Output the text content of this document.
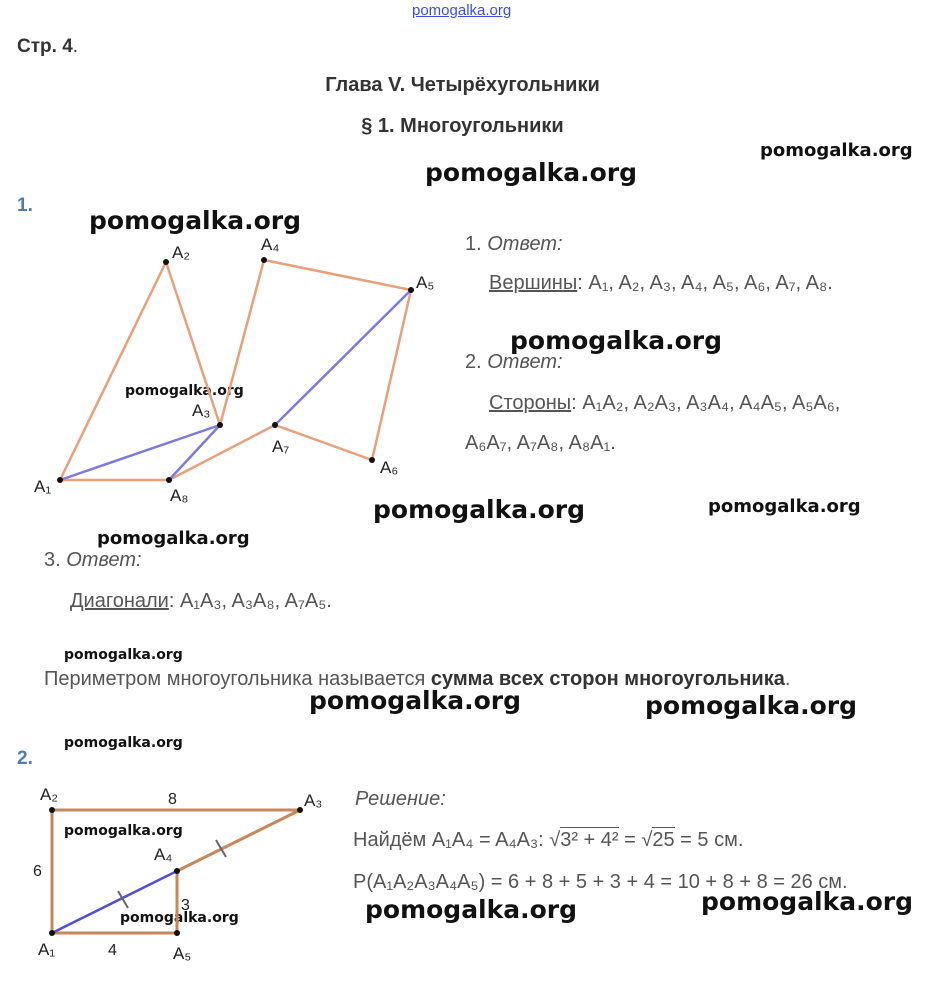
pomogalka.org
Стр. 4.
Глава V. Четырёхугольники
§ 1. Многоугольники
pomogalka.org
pomogalka.org
pomogalka.org
pomogalka.org
pomogalka.org
pomogalka.org	pomogalka.org
pomogalka.org
pomogalka.org
pomogalka.org	pomogalka.org
pomogalka.org
pomogalka.org
pomogalka.org
pomogalka.org
pomogalka.org
1.
A₁
A₂
A₃
A₄
A₅
A₆
A₇
A₈
1. Ответ:
Вершины: A₁, A₂, A₃, A₄, A₅, A₆, A₇, A₈.
2. Ответ:
Стороны: A₁A₂, A₂A₃, A₃A₄, A₄A₅, A₅A₆,
A₆A₇, A₇A₈, A₈A₁.
3. Ответ:
Диагонали: A₁A₃, A₃A₈, A₇A₅.
Периметром многоугольника называется сумма всех сторон многоугольника.
2.
A₁
A₂	A₃
A₄
A₅
6
8
3
4
Решение:
Найдём A₁A₄ = A₄A₃: √3² + 4² = √25 = 5 см.
P(A₁A₂A₃A₄A₅) = 6 + 8 + 5 + 3 + 4 = 10 + 8 + 8 = 26 см.
